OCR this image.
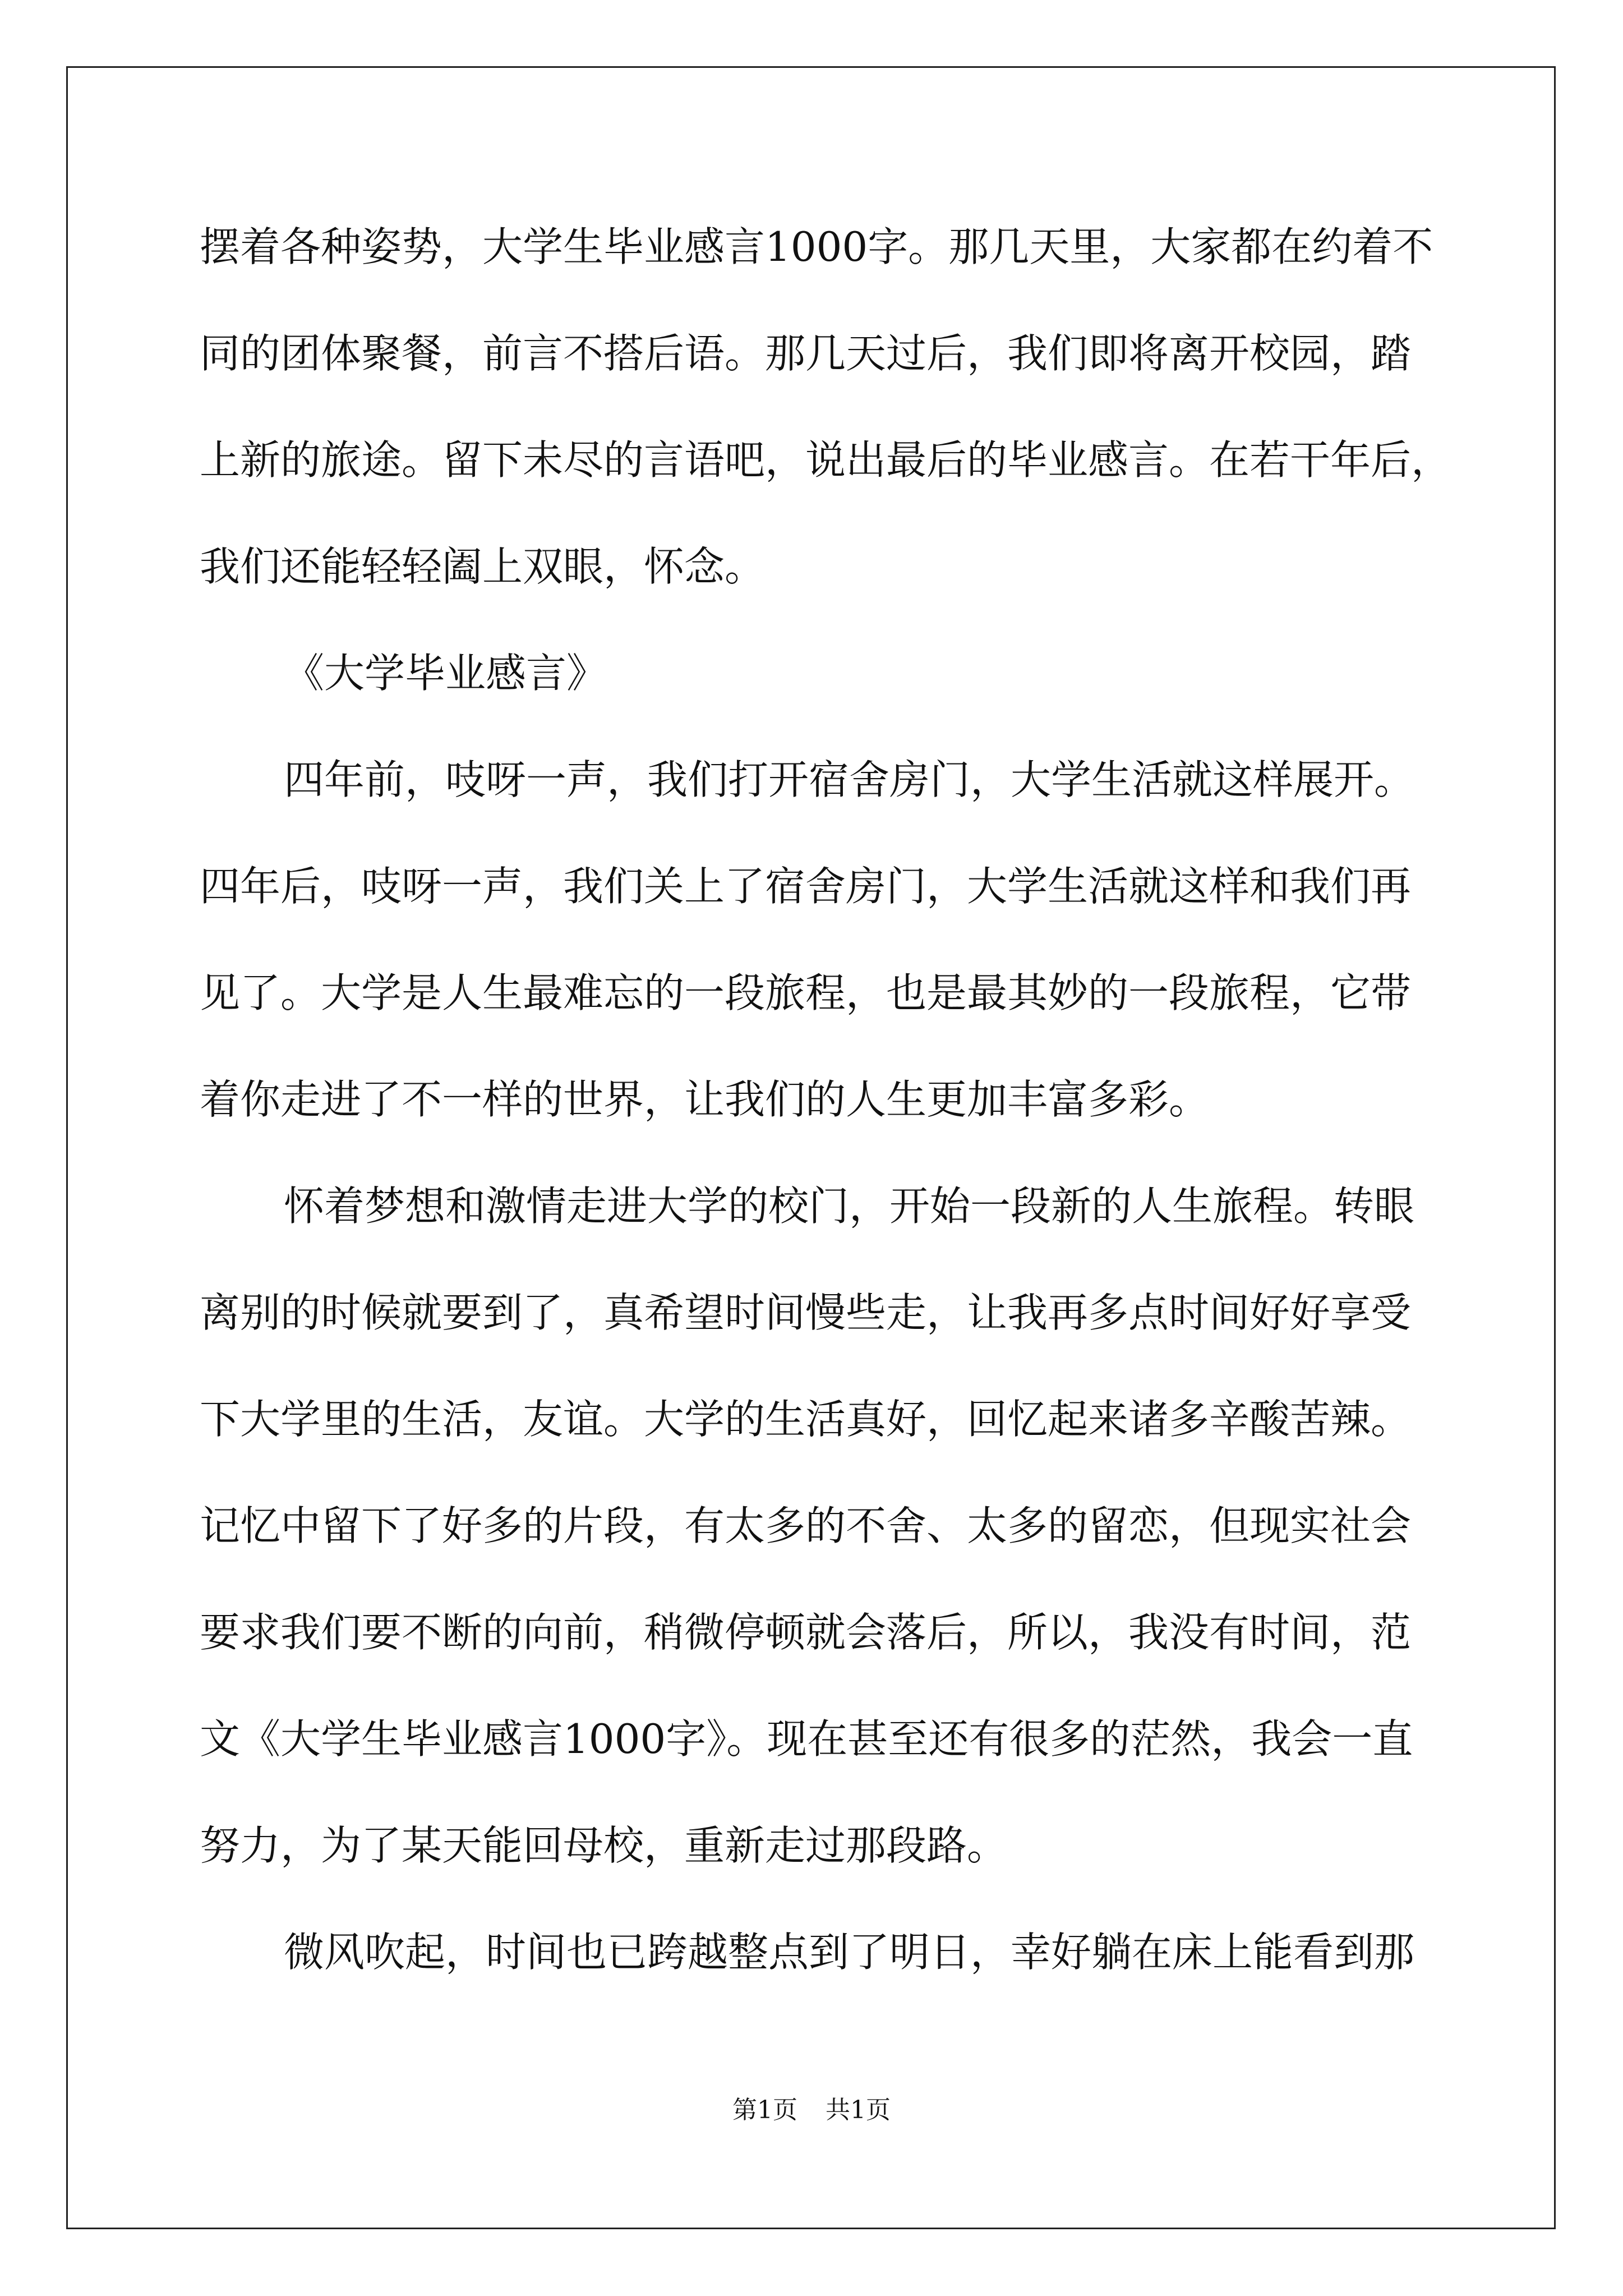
摆着各种姿势，大学生毕业感言1000字。那几天里，大家都在约着不
同的团体聚餐，前言不搭后语。那几天过后，我们即将离开校园，踏
上新的旅途。留下未尽的言语吧，说出最后的毕业感言。在若干年后，
我们还能轻轻阖上双眼，怀念。
《大学毕业感言》
四年前，吱呀一声，我们打开宿舍房门，大学生活就这样展开。
四年后，吱呀一声，我们关上了宿舍房门，大学生活就这样和我们再
见了。大学是人生最难忘的一段旅程，也是最其妙的一段旅程，它带
着你走进了不一样的世界，让我们的人生更加丰富多彩。
怀着梦想和激情走进大学的校门，开始一段新的人生旅程。转眼
离别的时候就要到了，真希望时间慢些走，让我再多点时间好好享受
下大学里的生活，友谊。大学的生活真好，回忆起来诸多辛酸苦辣。
记忆中留下了好多的片段，有太多的不舍、太多的留恋，但现实社会
要求我们要不断的向前，稍微停顿就会落后，所以，我没有时间，范
文《大学生毕业感言1000字》。现在甚至还有很多的茫然，我会一直
努力，为了某天能回母校，重新走过那段路。
微风吹起，时间也已跨越整点到了明日，幸好躺在床上能看到那
第1页 共1页
